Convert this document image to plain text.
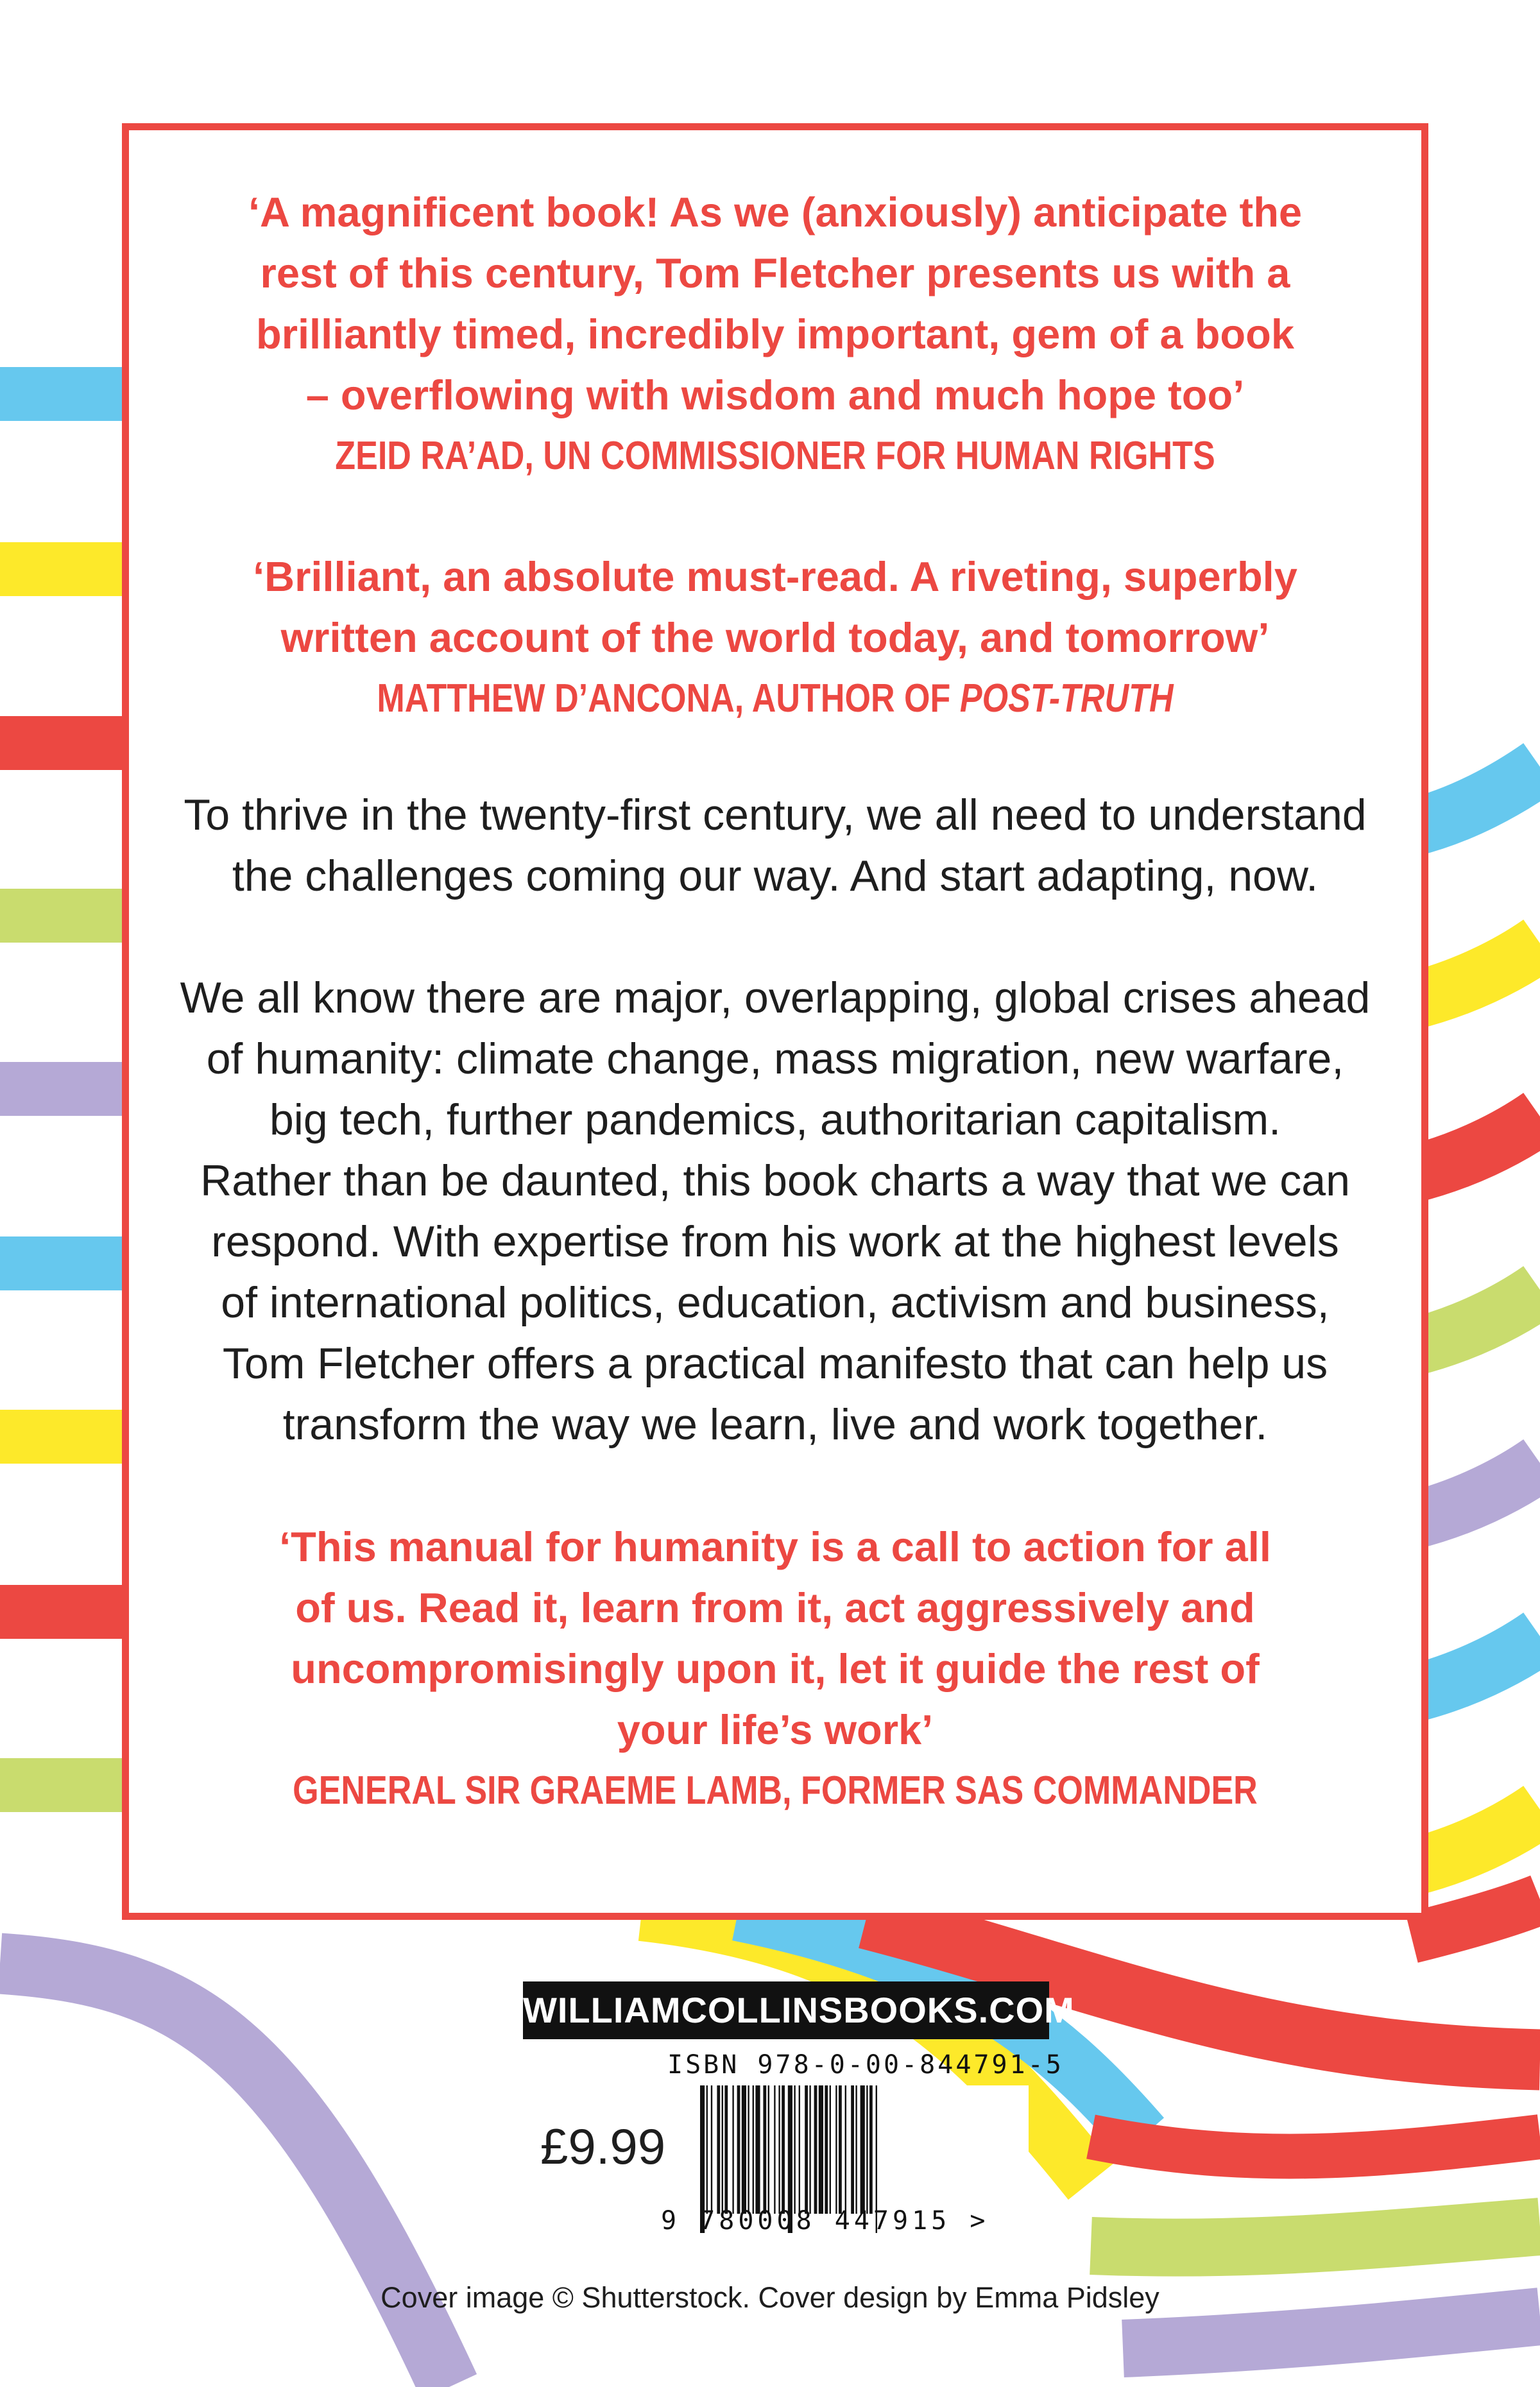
‘A magnificent book! As we (anxiously) anticipate the
rest of this century, Tom Fletcher presents us with a
brilliantly timed, incredibly important, gem of a book
– overflowing with wisdom and much hope too’
ZEID RA’AD, UN COMMISSIONER FOR HUMAN RIGHTS
‘Brilliant, an absolute must-read. A riveting, superbly
written account of the world today, and tomorrow’
MATTHEW D’ANCONA, AUTHOR OF POST-TRUTH
To thrive in the twenty-first century, we all need to understand
the challenges coming our way. And start adapting, now.
We all know there are major, overlapping, global crises ahead
of humanity: climate change, mass migration, new warfare,
big tech, further pandemics, authoritarian capitalism.
Rather than be daunted, this book charts a way that we can
respond. With expertise from his work at the highest levels
of international politics, education, activism and business,
Tom Fletcher offers a practical manifesto that can help us
transform the way we learn, live and work together.
‘This manual for humanity is a call to action for all
of us. Read it, learn from it, act aggressively and
uncompromisingly upon it, let it guide the rest of
your life’s work’
GENERAL SIR GRAEME LAMB, FORMER SAS COMMANDER
WILLIAMCOLLINSBOOKS.COM
ISBN 978-0-00-844791-5
£9.99
9 780008 447915 >
Cover image © Shutterstock. Cover design by Emma Pidsley
